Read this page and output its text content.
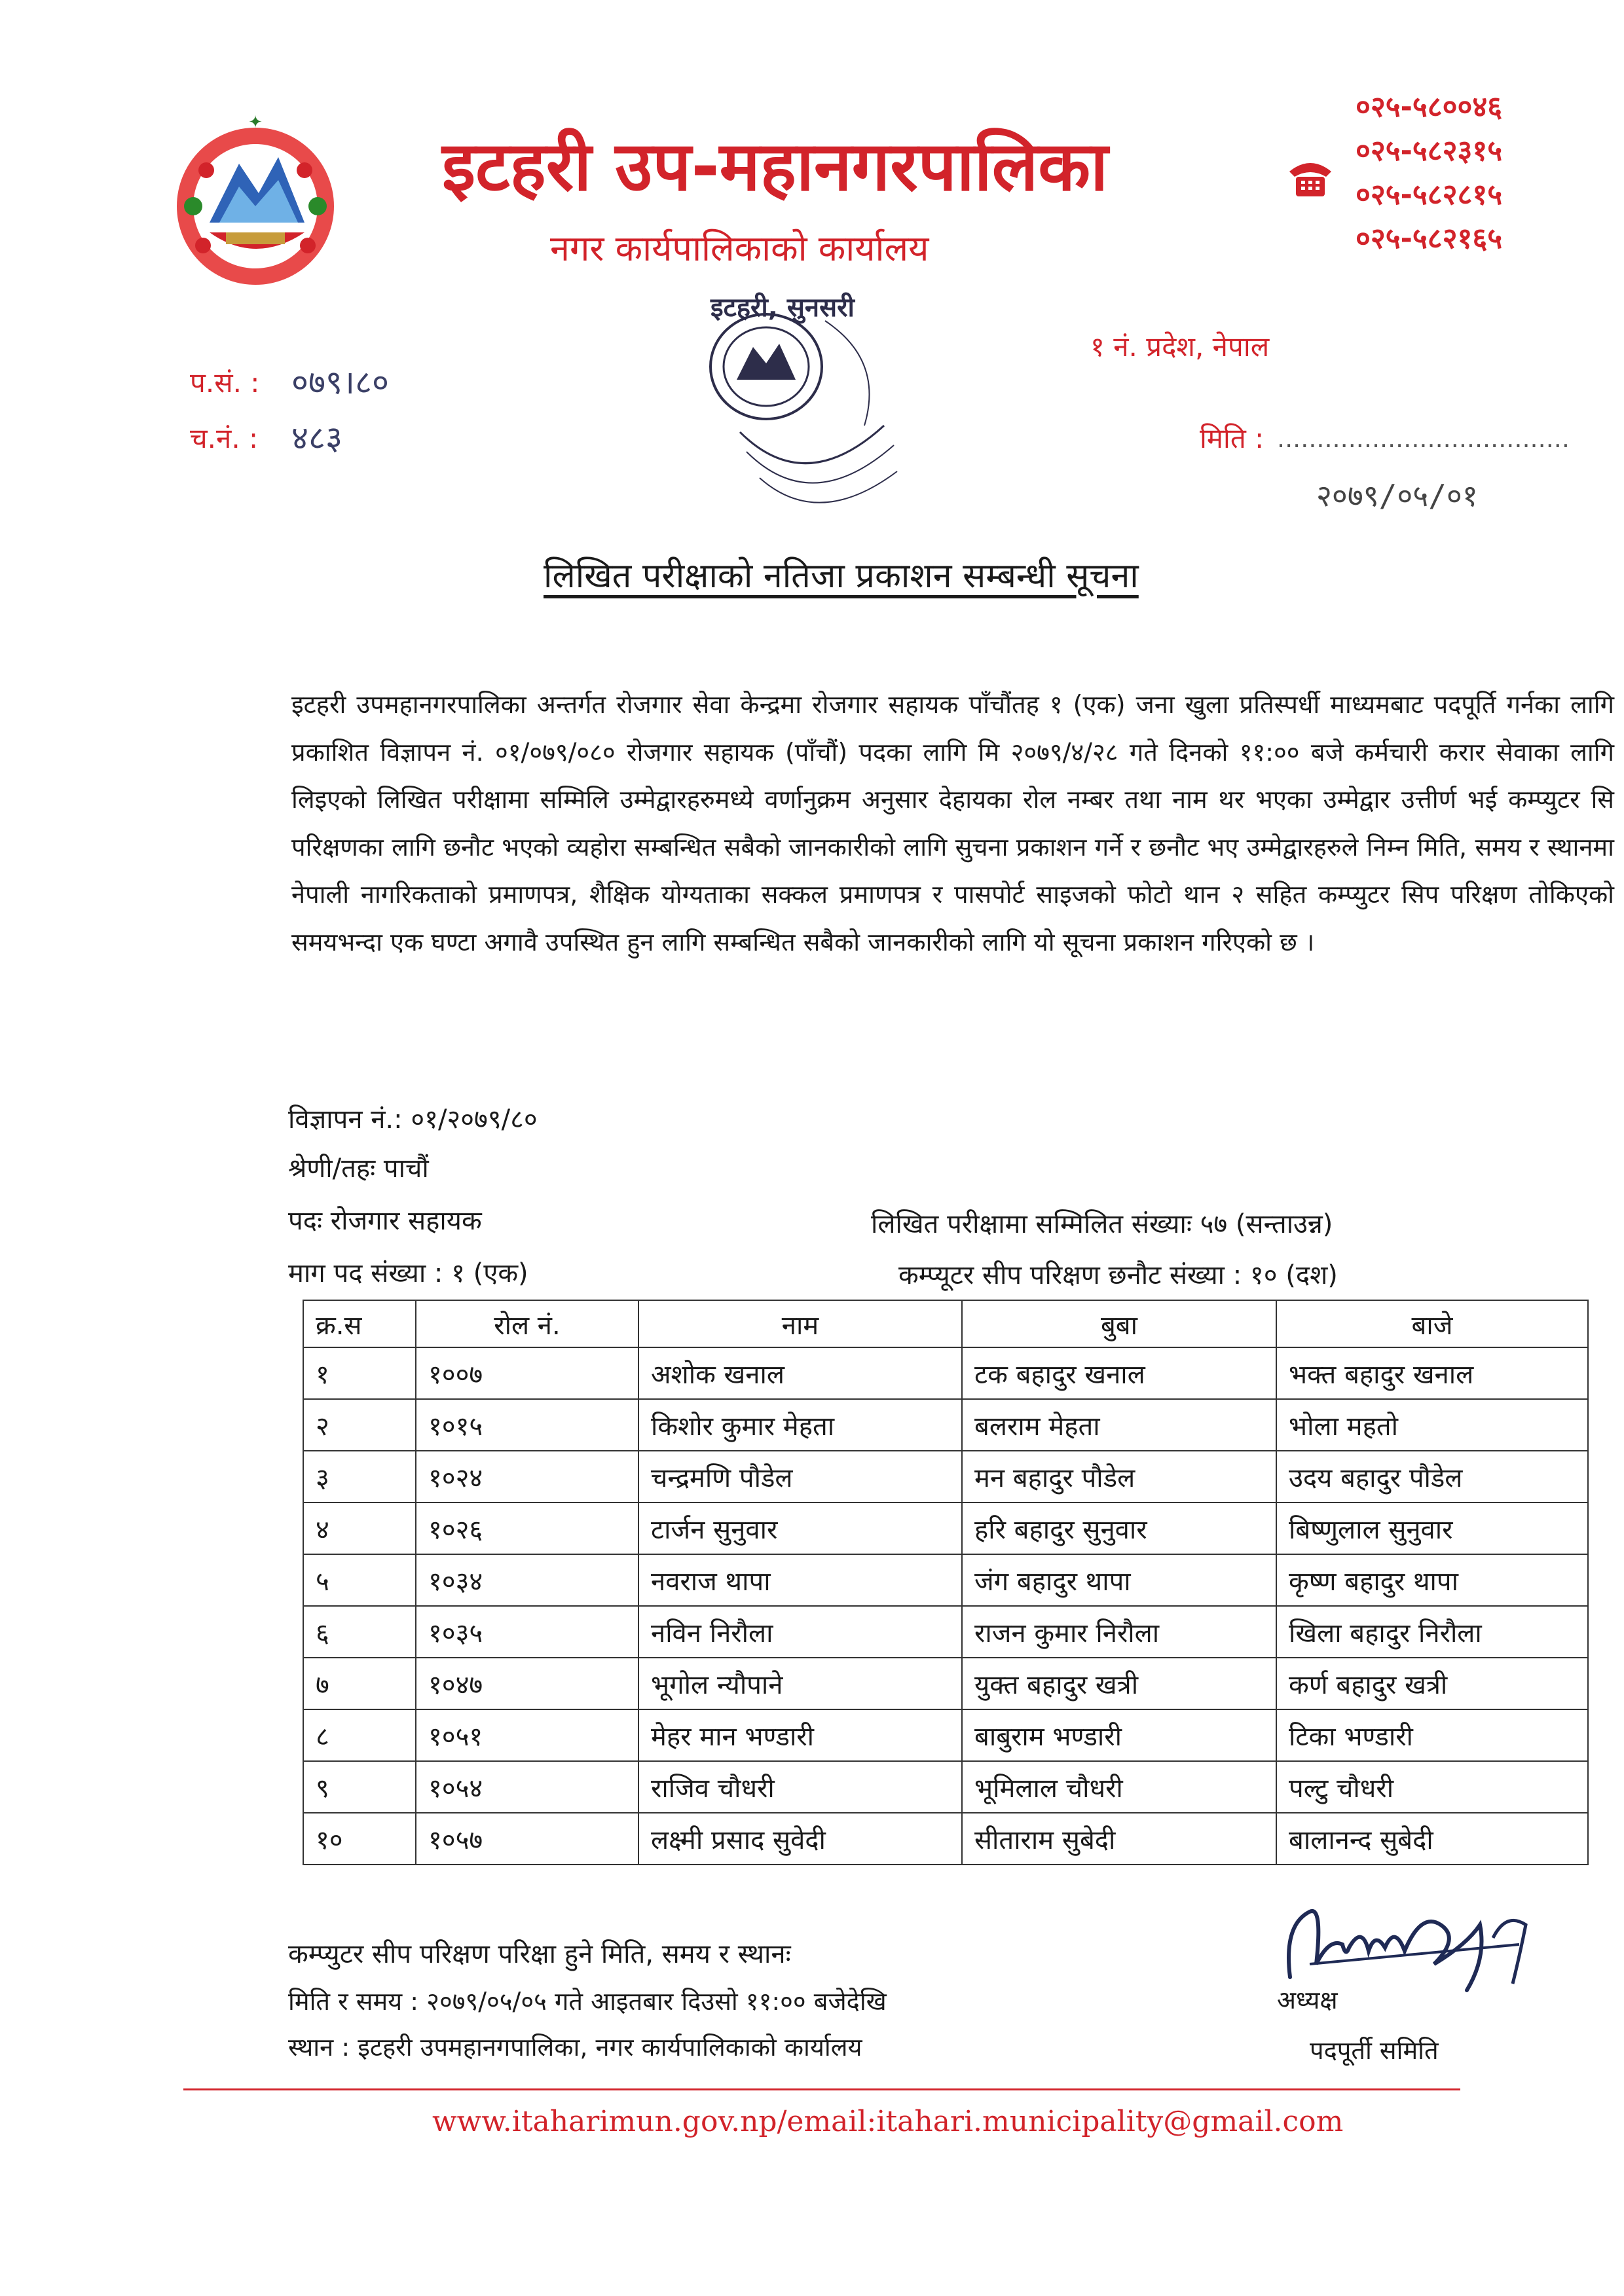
✦
इटहरी उप-महानगरपालिका
नगर कार्यपालिकाको कार्यालय
०२५-५८००४६
०२५-५८२३१५
०२५-५८२८१५
०२५-५८२१६५
१ नं. प्रदेश, नेपाल
प.सं. : ०७९।८०
च.नं. : ४८३
इटहरी, सुनसरी
मिति : .....................................
२०७९/०५/०१
लिखित परीक्षाको नतिजा प्रकाशन सम्बन्धी सूचना
इटहरी उपमहानगरपालिका अन्तर्गत रोजगार सेवा केन्द्रमा रोजगार सहायक पाँचौंतह १ (एक) जना खुला प्रतिस्पर्धी माध्यमबाट पदपूर्ति गर्नका लागि प्रकाशित विज्ञापन नं. ०१/०७९/०८० रोजगार सहायक (पाँचौं) पदका लागि मि २०७९/४/२८ गते दिनको ११:०० बजे कर्मचारी करार सेवाका लागि लिइएको लिखित परीक्षामा सम्मिलि उम्मेद्वारहरुमध्ये वर्णानुक्रम अनुसार देहायका रोल नम्बर तथा नाम थर भएका उम्मेद्वार उत्तीर्ण भई कम्प्युटर सि परिक्षणका लागि छनौट भएको व्यहोरा सम्बन्धित सबैको जानकारीको लागि सुचना प्रकाशन गर्ने र छनौट भए उम्मेद्वारहरुले निम्न मिति, समय र स्थानमा नेपाली नागरिकताको प्रमाणपत्र, शैक्षिक योग्यताका सक्कल प्रमाणपत्र र पासपोर्ट साइजको फोटो थान २ सहित कम्प्युटर सिप परिक्षण तोकिएको समयभन्दा एक घण्टा अगावै उपस्थित हुन लागि सम्बन्धित सबैको जानकारीको लागि यो सूचना प्रकाशन गरिएको छ ।
विज्ञापन नं.: ०१/२०७९/८०
श्रेणी/तहः पाचौं
पदः रोजगार सहायक
माग पद संख्या : १ (एक)
लिखित परीक्षामा सम्मिलित संख्याः ५७ (सन्ताउन्न)
कम्प्यूटर सीप परिक्षण छनौट संख्या : १० (दश)
क्र.स	रोल नं.	नाम	बुबा	बाजे
१	१००७	अशोक खनाल	टक बहादुर खनाल	भक्त बहादुर खनाल
२	१०१५	किशोर कुमार मेहता	बलराम मेहता	भोला महतो
३	१०२४	चन्द्रमणि पौडेल	मन बहादुर पौडेल	उदय बहादुर पौडेल
४	१०२६	टार्जन सुनुवार	हरि बहादुर सुनुवार	बिष्णुलाल सुनुवार
५	१०३४	नवराज थापा	जंग बहादुर थापा	कृष्ण बहादुर थापा
६	१०३५	नविन निरौला	राजन कुमार निरौला	खिला बहादुर निरौला
७	१०४७	भूगोल न्यौपाने	युक्त बहादुर खत्री	कर्ण बहादुर खत्री
८	१०५१	मेहर मान भण्डारी	बाबुराम भण्डारी	टिका भण्डारी
९	१०५४	राजिव चौधरी	भूमिलाल चौधरी	पल्टु चौधरी
१०	१०५७	लक्ष्मी प्रसाद सुवेदी	सीताराम सुबेदी	बालानन्द सुबेदी
कम्प्युटर सीप परिक्षण परिक्षा हुने मिति, समय र स्थानः
मिति र समय : २०७९/०५/०५ गते आइतबार दिउसो ११:०० बजेदेखि
स्थान : इटहरी उपमहानगपालिका, नगर कार्यपालिकाको कार्यालय
अध्यक्ष
पदपूर्ती समिति
www.itaharimun.gov.np/email:itahari.municipality@gmail.com
